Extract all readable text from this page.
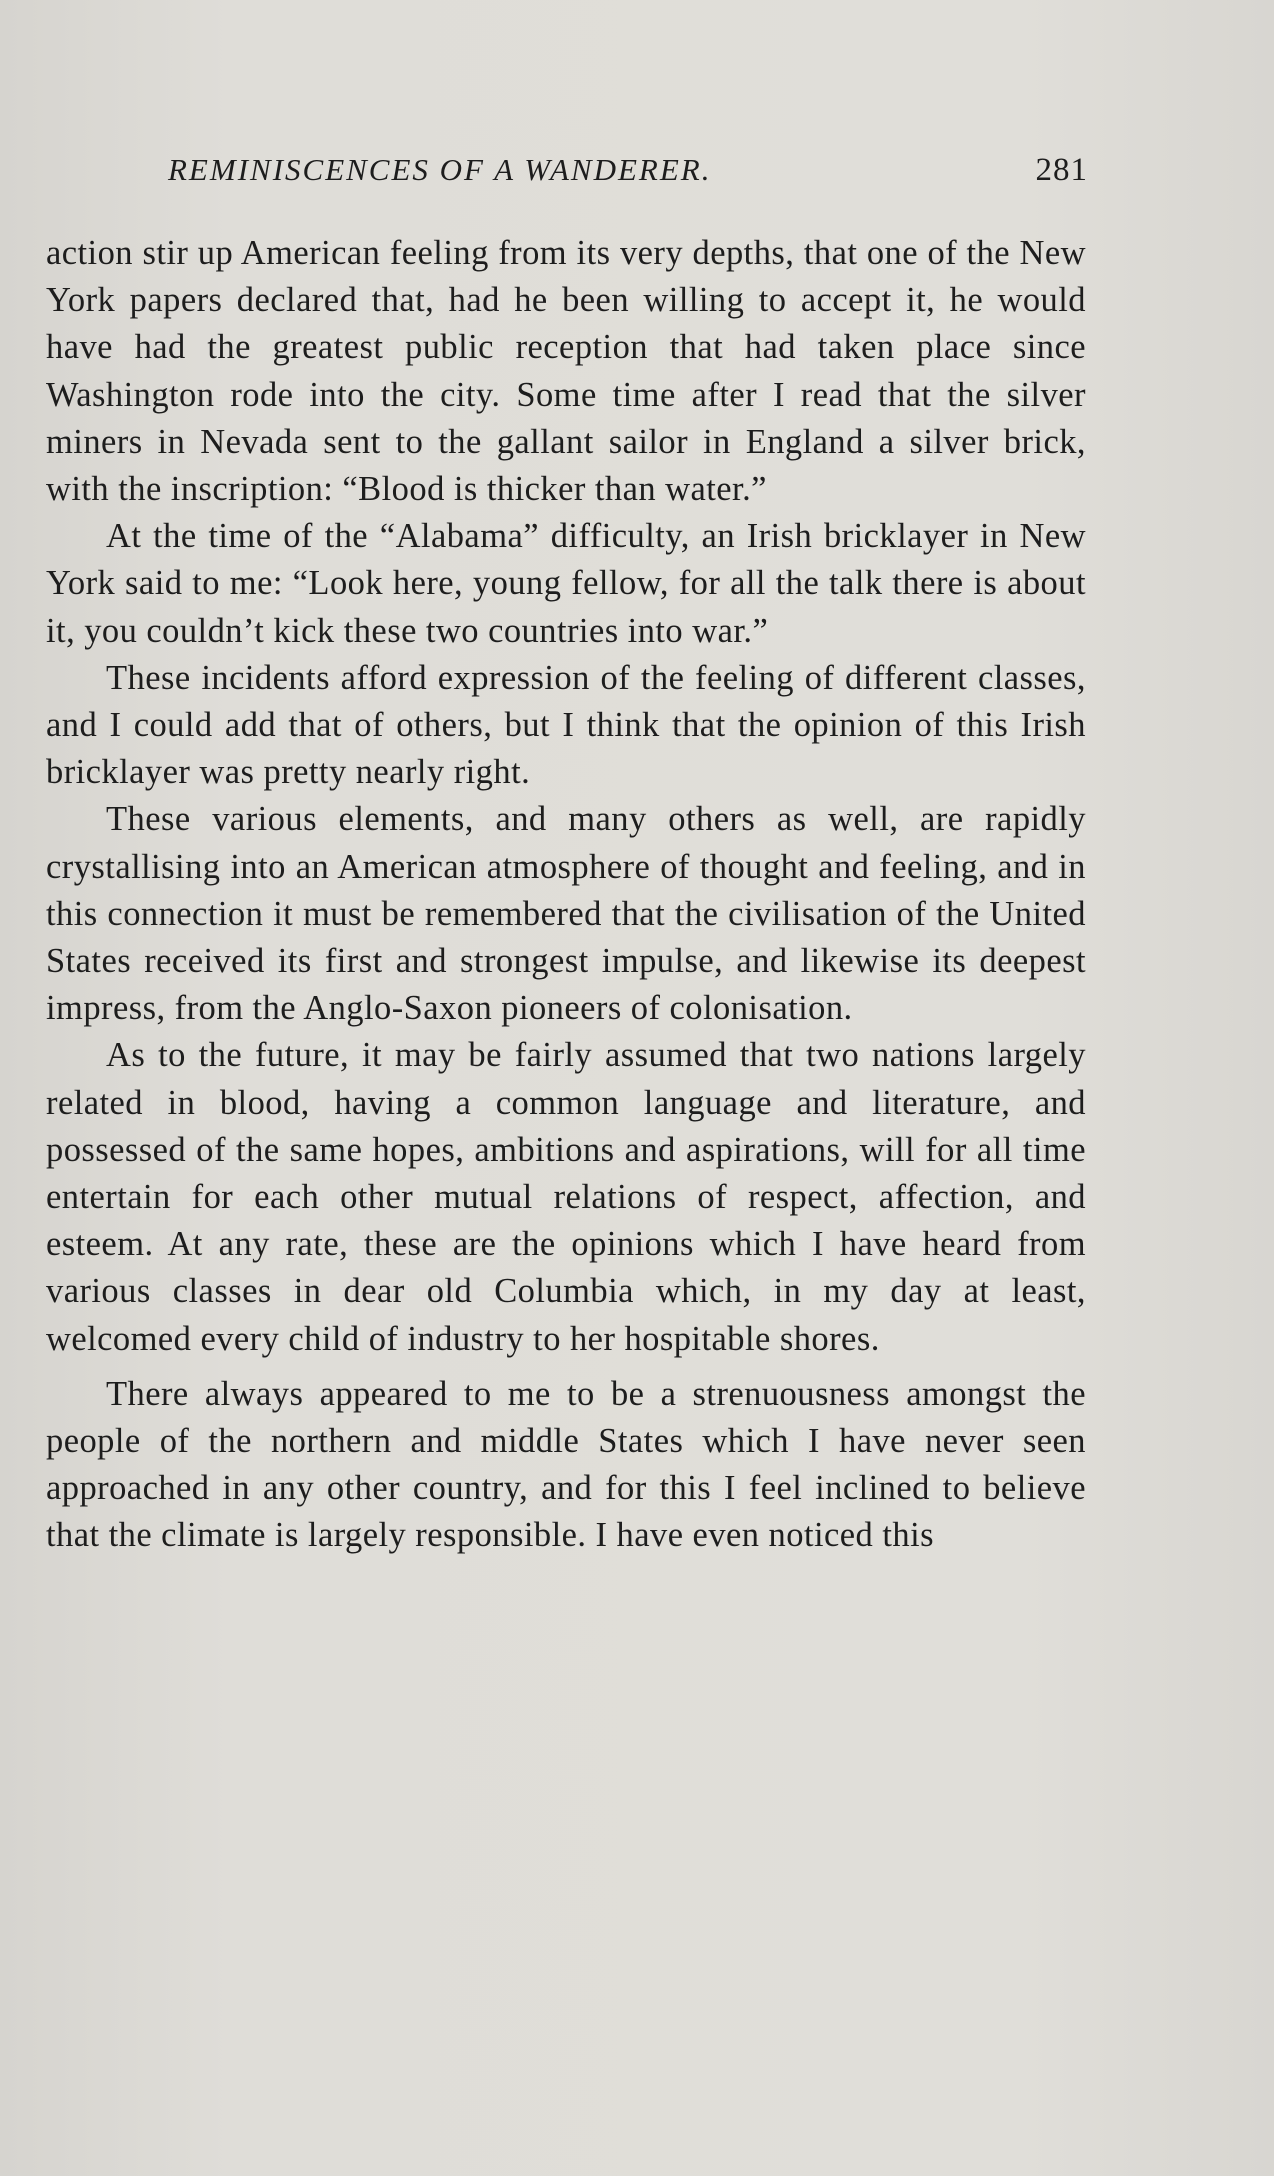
REMINISCENCES OF A WANDERER.	281

action stir up American feeling from its very depths, that one of the New York papers declared that, had he been willing to accept it, he would have had the greatest public reception that had taken place since Washington rode into the city. Some time after I read that the silver miners in Nevada sent to the gallant sailor in England a silver brick, with the inscription: “Blood is thicker than water.”

At the time of the “Alabama” difficulty, an Irish bricklayer in New York said to me: “Look here, young fellow, for all the talk there is about it, you couldn’t kick these two countries into war.”

These incidents afford expression of the feeling of different classes, and I could add that of others, but I think that the opinion of this Irish bricklayer was pretty nearly right.

These various elements, and many others as well, are rapidly crystallising into an American atmosphere of thought and feeling, and in this connection it must be remembered that the civilisation of the United States received its first and strongest impulse, and likewise its deepest impress, from the Anglo-Saxon pioneers of colonisation.

As to the future, it may be fairly assumed that two nations largely related in blood, having a common language and literature, and possessed of the same hopes, ambitions and aspirations, will for all time entertain for each other mutual relations of respect, affection, and esteem. At any rate, these are the opinions which I have heard from various classes in dear old Columbia which, in my day at least, welcomed every child of industry to her hospitable shores.

There always appeared to me to be a strenuousness amongst the people of the northern and middle States which I have never seen approached in any other country, and for this I feel inclined to believe that the climate is largely responsible. I have even noticed this
